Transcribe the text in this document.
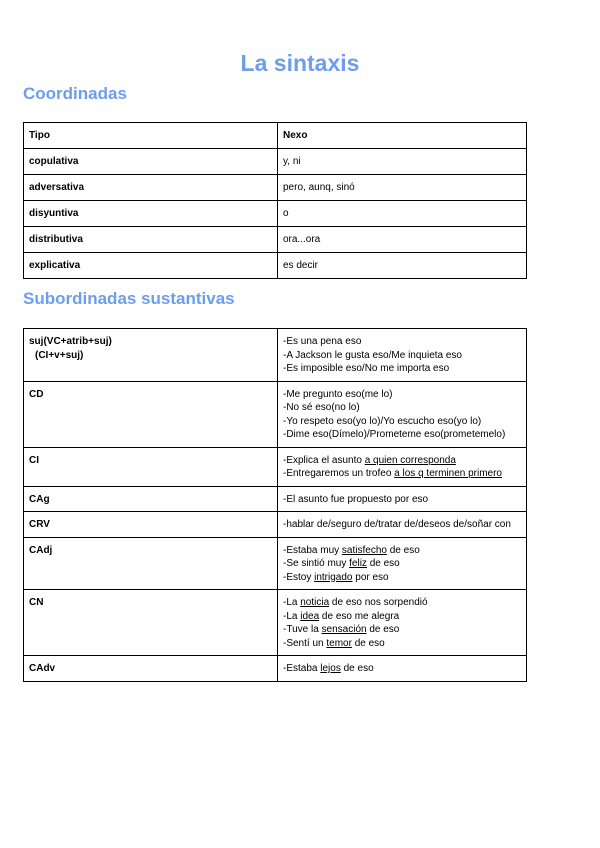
La sintaxis
Coordinadas
Tipo	Nexo
copulativa	y, ni
adversativa	pero, aunq, sinó
disyuntiva	o
distributiva	ora...ora
explicativa	es decir
Subordinadas sustantivas
suj(VC+atrib+suj)
(CI+v+suj)	-Es una pena eso
-A Jackson le gusta eso/Me inquieta eso
-Es imposible eso/No me importa eso

CD	-Me pregunto eso(me lo)
-No sé eso(no lo)
-Yo respeto eso(yo lo)/Yo escucho eso(yo lo)
-Dime eso(Dímelo)/Prometeme eso(prometemelo)

CI	-Explica el asunto a quien corresponda
-Entregaremos un trofeo a los q terminen primero

CAg	-El asunto fue propuesto por eso

CRV	-hablar de/seguro de/tratar de/deseos de/soñar con

CAdj	-Estaba muy satisfecho de eso
-Se sintió muy feliz de eso
-Estoy intrigado por eso

CN	-La noticia de eso nos sorpendió
-La idea de eso me alegra
-Tuve la sensación de eso
-Sentí un temor de eso

CAdv	-Estaba lejos de eso
